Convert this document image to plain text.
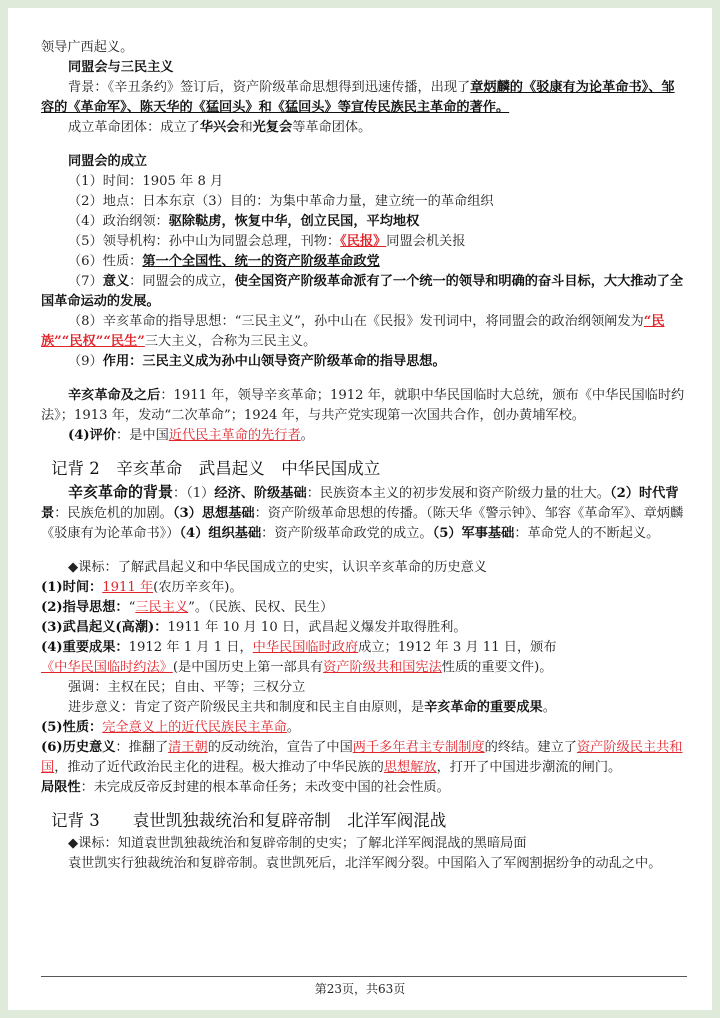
领导广西起义。

同盟会与三民主义

背景：《辛丑条约》签订后，资产阶级革命思想得到迅速传播，出现了章炳麟的《驳康有为论革命书》、邹容的《革命军》、陈天华的《猛回头》和《猛回头》等宣传民族民主革命的著作。

成立革命团体：成立了华兴会和光复会等革命团体。

同盟会的成立

（1）时间：1905 年 8 月

（2）地点：日本东京（3）目的：为集中革命力量，建立统一的革命组织

（4）政治纲领：驱除鞑虏，恢复中华，创立民国，平均地权

（5）领导机构：孙中山为同盟会总理，刊物：《民报》同盟会机关报

（6）性质：第一个全国性、统一的资产阶级革命政党

（7）意义：同盟会的成立，使全国资产阶级革命派有了一个统一的领导和明确的奋斗目标，大大推动了全国革命运动的发展。

（8）辛亥革命的指导思想：“三民主义”，孙中山在《民报》发刊词中，将同盟会的政治纲领阐发为“民族”“民权”“民生”三大主义，合称为三民主义。

（9）作用：三民主义成为孙中山领导资产阶级革命的指导思想。

辛亥革命及之后：1911 年，领导辛亥革命；1912 年，就职中华民国临时大总统，颁布《中华民国临时约法》；1913 年，发动“二次革命”；1924 年，与共产党实现第一次国共合作，创办黄埔军校。

(4)评价：是中国近代民主革命的先行者。

记背 2　辛亥革命　武昌起义　中华民国成立

辛亥革命的背景：（1）经济、阶级基础：民族资本主义的初步发展和资产阶级力量的壮大。（2）时代背景：民族危机的加剧。（3）思想基础：资产阶级革命思想的传播。（陈天华《警示钟》、邹容《革命军》、章炳麟《驳康有为论革命书》）（4）组织基础：资产阶级革命政党的成立。（5）军事基础：革命党人的不断起义。

◆课标：了解武昌起义和中华民国成立的史实，认识辛亥革命的历史意义

(1)时间：1911 年(农历辛亥年)。

(2)指导思想：“三民主义”。（民族、民权、民生）

(3)武昌起义(高潮)：1911 年 10 月 10 日，武昌起义爆发并取得胜利。

(4)重要成果：1912 年 1 月 1 日，中华民国临时政府成立；1912 年 3 月 11 日，颁布《中华民国临时约法》(是中国历史上第一部具有资产阶级共和国宪法性质的重要文件)。

强调：主权在民；自由、平等；三权分立

进步意义：肯定了资产阶级民主共和制度和民主自由原则，是辛亥革命的重要成果。

(5)性质：完全意义上的近代民族民主革命。

(6)历史意义：推翻了清王朝的反动统治，宣告了中国两千多年君主专制制度的终结。建立了资产阶级民主共和国，推动了近代政治民主化的进程。极大推动了中华民族的思想解放，打开了中国进步潮流的闸门。

局限性：未完成反帝反封建的根本革命任务；未改变中国的社会性质。

记背 3　　袁世凯独裁统治和复辟帝制　北洋军阀混战

◆课标：知道袁世凯独裁统治和复辟帝制的史实；了解北洋军阀混战的黑暗局面

袁世凯实行独裁统治和复辟帝制。袁世凯死后，北洋军阀分裂。中国陷入了军阀割据纷争的动乱之中。

第23页，共63页
